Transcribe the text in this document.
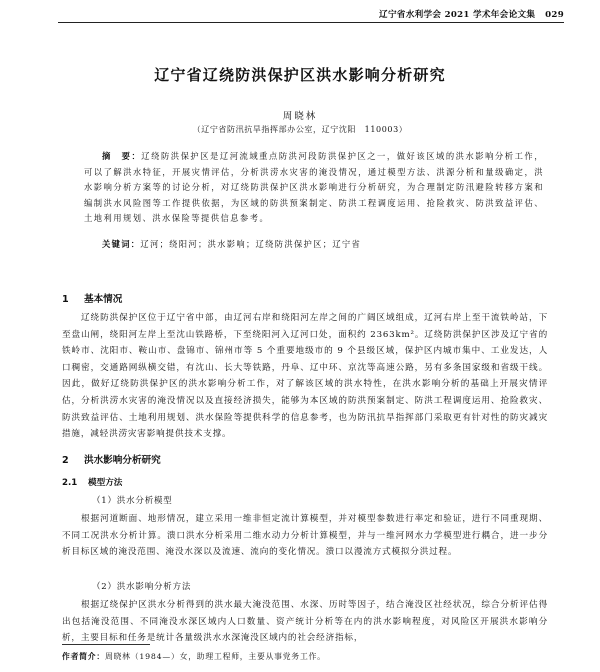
辽宁省水利学会 2021 学术年会论文集 029
辽宁省辽绕防洪保护区洪水影响分析研究
周晓林
（辽宁省防汛抗旱指挥部办公室，辽宁沈阳　110003）

摘　要：辽绕防洪保护区是辽河流域重点防洪河段防洪保护区之一，做好该区域的洪水影响分析工作，可以了解洪水特征，开展灾情评估，分析洪涝水灾害的淹没情况，通过模型方法、洪源分析和量级确定，洪水影响分析方案等的讨论分析，对辽绕防洪保护区洪水影响进行分析研究，为合理制定防汛避险转移方案和编制洪水风险图等工作提供依据，为区域的防洪预案制定、防洪工程调度运用、抢险救灾、防洪致益评估、土地利用规划、洪水保险等提供信息参考。

关键词：辽河；绕阳河；洪水影响；辽绕防洪保护区；辽宁省

1 基本情况

辽绕防洪保护区位于辽宁省中部，由辽河右岸和绕阳河左岸之间的广阔区域组成，辽河右岸上至干流铁岭站，下至盘山闸，绕阳河左岸上至沈山铁路桥，下至绕阳河入辽河口处，面积约 2363km²。辽绕防洪保护区涉及辽宁省的铁岭市、沈阳市、鞍山市、盘锦市、锦州市等 5 个重要地级市的 9 个县级区域，保护区内城市集中、工业发达，人口稠密，交通路网纵横交错，有沈山、长大等铁路，丹阜、辽中环、京沈等高速公路，另有多条国家级和省级干线。因此，做好辽绕防洪保护区的洪水影响分析工作，对了解该区域的洪水特性，在洪水影响分析的基础上开展灾情评估，分析洪涝水灾害的淹没情况以及直接经济损失，能够为本区域的防洪预案制定、防洪工程调度运用、抢险救灾、防洪致益评估、土地利用规划、洪水保险等提供科学的信息参考，也为防汛抗旱指挥部门采取更有针对性的防灾减灾措施，减轻洪涝灾害影响提供技术支撑。

2 洪水影响分析研究

2.1 模型方法

（1）洪水分析模型

根据河道断面、地形情况，建立采用一维非恒定流计算模型，并对模型参数进行率定和验证，进行不同重现期、不同工况洪水分析计算。溃口洪水分析采用二维水动力分析计算模型，并与一维河网水力学模型进行耦合，进一步分析目标区域的淹没范围、淹没水深以及流速、流向的变化情况。溃口以漫流方式模拟分洪过程。

（2）洪水影响分析方法

根据辽绕保护区洪水分析得到的洪水最大淹没范围、水深、历时等因子，结合淹没区社经状况，综合分析评估得出包括淹没范围、不同淹没水深区域内人口数量、资产统计分析等在内的洪水影响程度，对风险区开展洪水影响分析，主要目标和任务是统计各量级洪水水深淹没区域内的社会经济指标，

作者简介：周晓林（1984—）女，助理工程师，主要从事党务工作。
